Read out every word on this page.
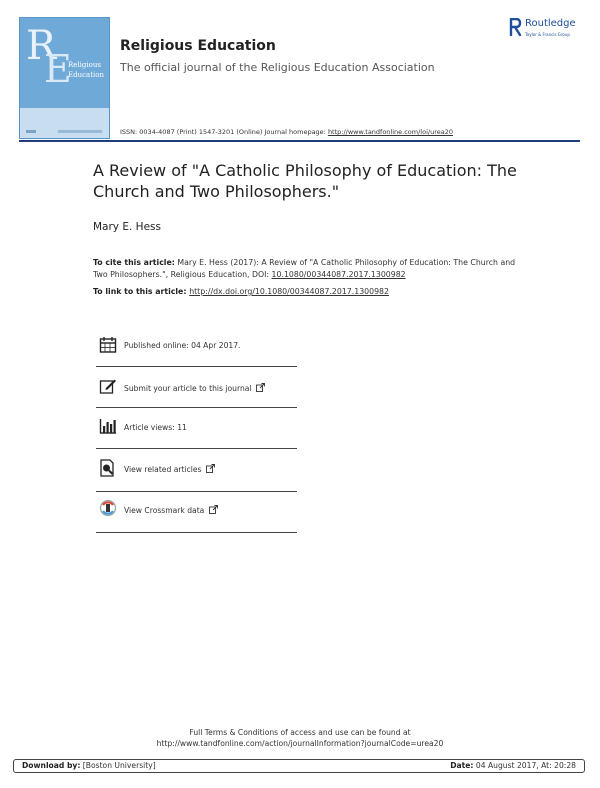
R
E
Religious
Education
Religious Education
The official journal of the Religious Education Association
Routledge
Taylor & Francis Group
ISSN: 0034-4087 (Print) 1547-3201 (Online) Journal homepage: http://www.tandfonline.com/loi/urea20
A Review of "A Catholic Philosophy of Education: The Church and Two Philosophers."
Mary E. Hess
To cite this article: Mary E. Hess (2017): A Review of "A Catholic Philosophy of Education: The Church and Two Philosophers.", Religious Education, DOI: 10.1080/00344087.2017.1300982
To link to this article: http://dx.doi.org/10.1080/00344087.2017.1300982
Published online: 04 Apr 2017.
Submit your article to this journal
Article views: 11
View related articles
View Crossmark data
Full Terms & Conditions of access and use can be found at
http://www.tandfonline.com/action/journalInformation?journalCode=urea20
Download by: [Boston University]	Date: 04 August 2017, At: 20:28
